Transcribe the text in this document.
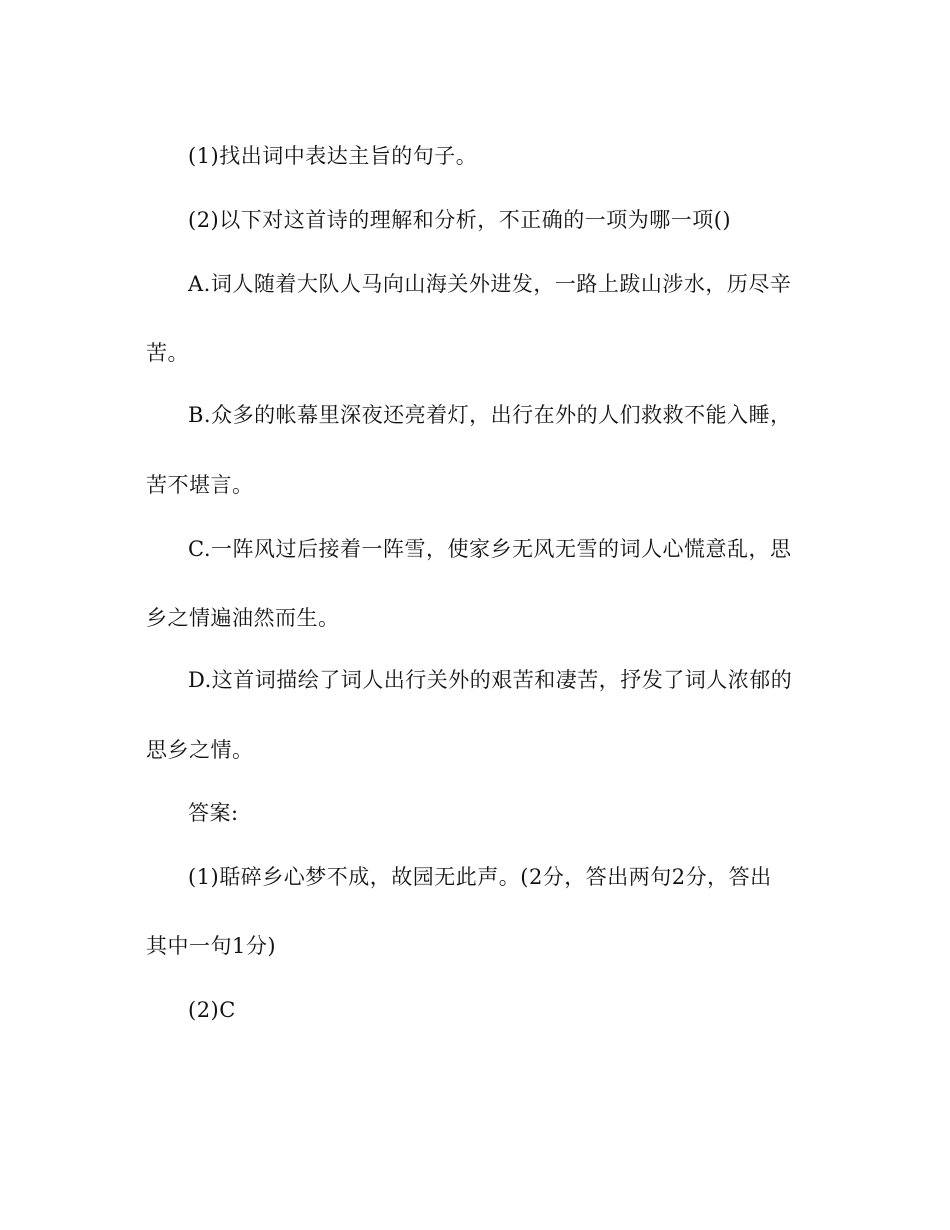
(1)找出词中表达主旨的句子。
(2)以下对这首诗的理解和分析，不正确的一项为哪一项()
A.词人随着大队人马向山海关外进发，一路上跋山涉水，历尽辛
苦。
B.众多的帐幕里深夜还亮着灯，出行在外的人们救救不能入睡，
苦不堪言。
C.一阵风过后接着一阵雪，使家乡无风无雪的词人心慌意乱，思
乡之情遍油然而生。
D.这首词描绘了词人出行关外的艰苦和凄苦，抒发了词人浓郁的
思乡之情。
答案:
(1)聒碎乡心梦不成，故园无此声。(2分，答出两句2分，答出
其中一句1分)
(2)C
